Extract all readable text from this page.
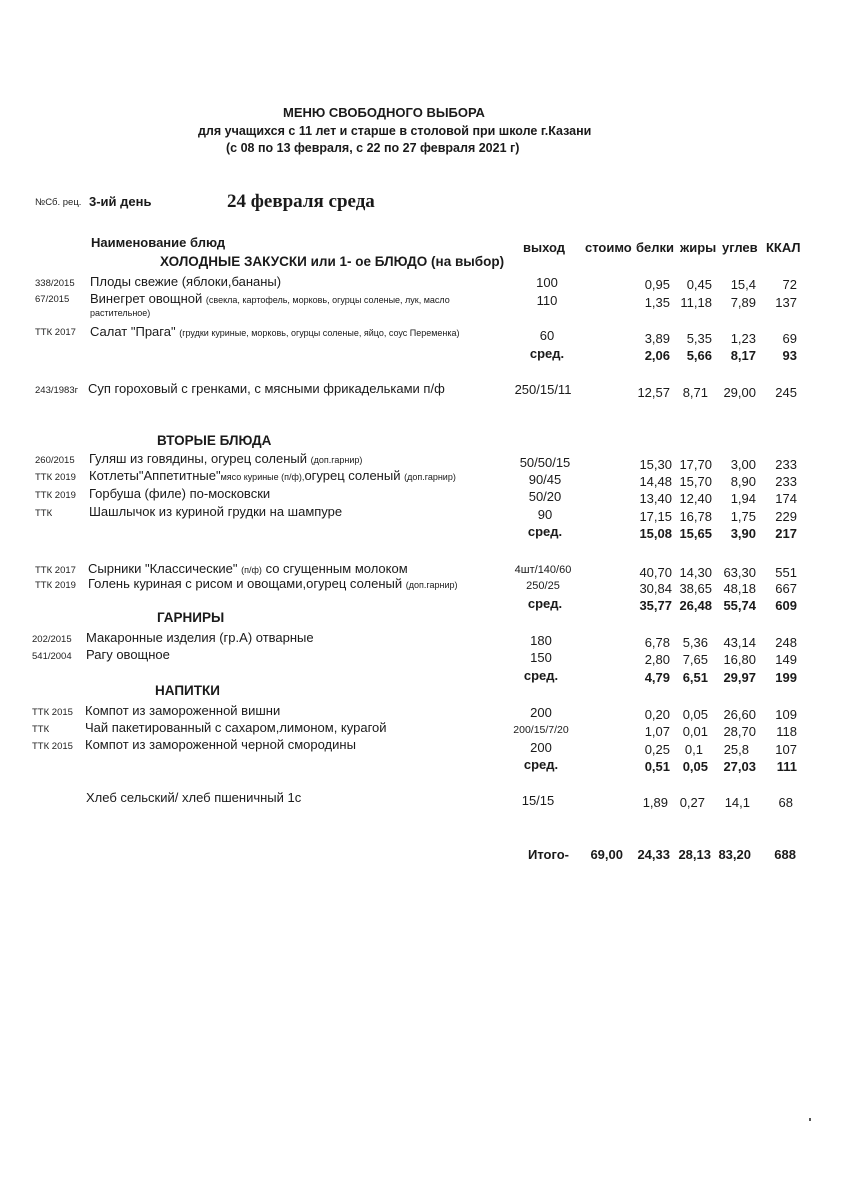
МЕНЮ СВОБОДНОГО ВЫБОРА
для учащихся с 11 лет и старше в столовой при школе г.Казани
(с 08 по 13 февраля, с 22 по 27 февраля 2021 г)
№Сб. рец. 3-ий день	24 февраля среда
Наименование блюд	выход стоимо белки жиры углев ККАЛ
ХОЛОДНЫЕ ЗАКУСКИ или 1- ое БЛЮДО (на выбор)
338/2015 Плоды свежие (яблоки,бананы)	100	0,95	0,45	15,4	72
67/2015 Винегрет овощной (свекла, картофель, морковь, огурцы соленые, лук, масло
растительное)
110	1,35 11,18	7,89	137
ТТК 2017 Салат "Прага" (грудки куриные, морковь, огурцы соленые, яйцо, соус Переменка)	60	3,89	5,35	1,23	69
сред.	2,06	5,66	8,17	93
243/1983г Суп гороховый с гренками, с мясными фрикадельками п/ф	250/15/11	12,57 8,71	29,00	245
ВТОРЫЕ БЛЮДА
260/2015 Гуляш из говядины, огурец соленый (доп.гарнир)	50/50/15	15,30 17,70	3,00	233
ТТК 2019 Котлеты"Аппетитные"мясо куриные (п/ф),огурец соленый (доп.гарнир)	90/45	14,48 15,70	8,90	233
ТТК 2019 Горбуша (филе) по-московски	50/20	13,40 12,40	1,94	174
ТТК	Шашлычок из куриной грудки на шампуре	90	17,15 16,78	1,75	229
сред.	15,08 15,65	3,90	217
ТТК 2017 Сырники "Классические" (п/ф) со сгущенным молоком	4шт/140/60	40,70 14,30 63,30	551
ТТК 2019 Голень куриная с рисом и овощами,огурец соленый (доп.гарнир)	250/25	30,84 38,65 48,18	667
сред.	35,77 26,48 55,74	609
ГАРНИРЫ
202/2015 Макаронные изделия (гр.А) отварные	180	6,78 5,36	43,14	248
541/2004 Рагу овощное	150	2,80 7,65	16,80	149
сред.	4,79 6,51	29,97	199
НАПИТКИ
ТТК 2015 Компот из замороженной вишни	200	0,20 0,05	26,60	109
ТТК	Чай пакетированный с сахаром,лимоном, курагой	200/15/7/20	1,07 0,01	28,70	118
ТТК 2015 Компот из замороженной черной смородины	200	0,25	0,1	25,8	107
сред.	0,51 0,05	27,03	111
Хлеб сельский/ хлеб пшеничный 1с	15/15	1,89 0,27	14,1	68
Итого-	69,00	24,33 28,13 83,20	688
